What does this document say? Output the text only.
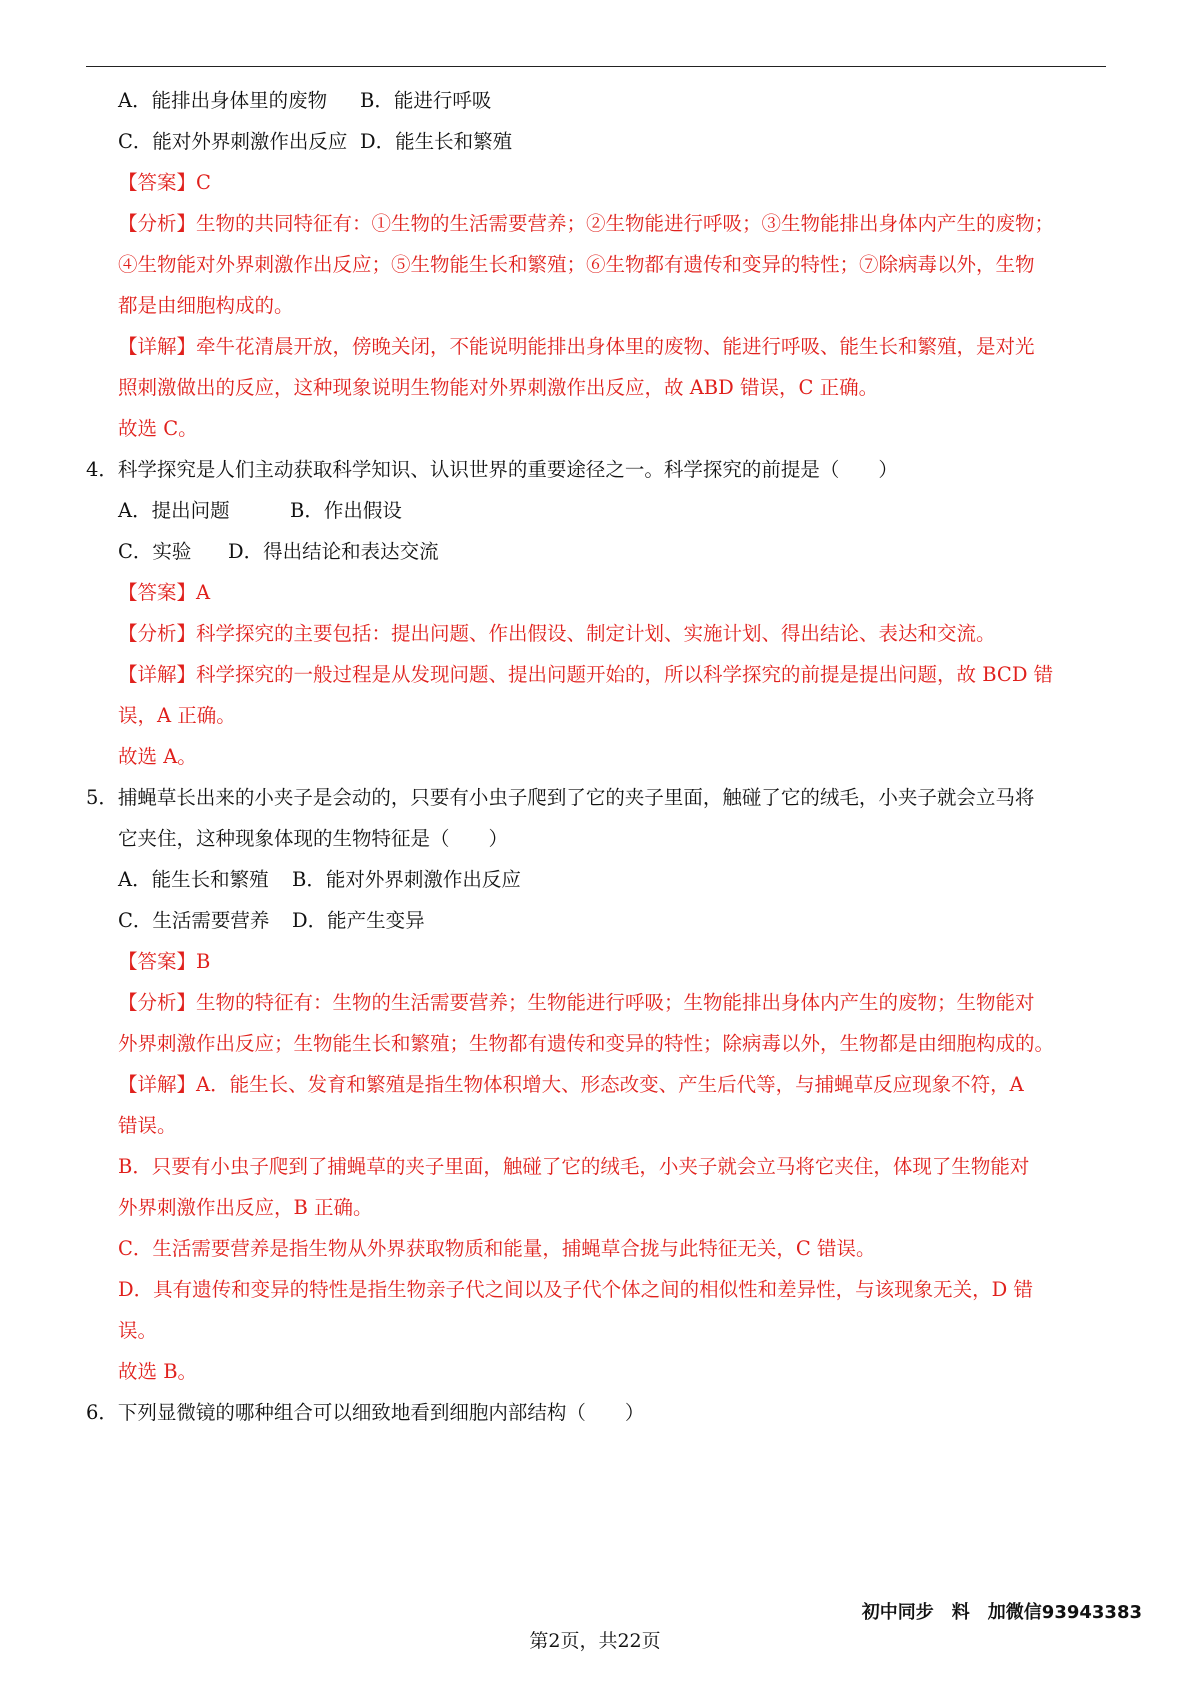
A．能排出身体里的废物 B．能进行呼吸
C．能对外界刺激作出反应 D．能生长和繁殖
【答案】C
【分析】生物的共同特征有：①生物的生活需要营养；②生物能进行呼吸；③生物能排出身体内产生的废物；
④生物能对外界刺激作出反应；⑤生物能生长和繁殖；⑥生物都有遗传和变异的特性；⑦除病毒以外，生物
都是由细胞构成的。
【详解】牵牛花清晨开放，傍晚关闭，不能说明能排出身体里的废物、能进行呼吸、能生长和繁殖，是对光
照刺激做出的反应，这种现象说明生物能对外界刺激作出反应，故 ABD 错误，C 正确。
故选 C。
4．科学探究是人们主动获取科学知识、认识世界的重要途径之一。科学探究的前提是（　　）
A．提出问题	B．作出假设
C．实验 D．得出结论和表达交流
【答案】A
【分析】科学探究的主要包括：提出问题、作出假设、制定计划、实施计划、得出结论、表达和交流。
【详解】科学探究的一般过程是从发现问题、提出问题开始的，所以科学探究的前提是提出问题，故 BCD 错
误，A 正确。
故选 A。
5．捕蝇草长出来的小夹子是会动的，只要有小虫子爬到了它的夹子里面，触碰了它的绒毛，小夹子就会立马将
它夹住，这种现象体现的生物特征是（　　）
A．能生长和繁殖 B．能对外界刺激作出反应
C．生活需要营养 D．能产生变异
【答案】B
【分析】生物的特征有：生物的生活需要营养；生物能进行呼吸；生物能排出身体内产生的废物；生物能对
外界刺激作出反应；生物能生长和繁殖；生物都有遗传和变异的特性；除病毒以外，生物都是由细胞构成的。
【详解】A．能生长、发育和繁殖是指生物体积增大、形态改变、产生后代等，与捕蝇草反应现象不符，A
错误。
B．只要有小虫子爬到了捕蝇草的夹子里面，触碰了它的绒毛，小夹子就会立马将它夹住，体现了生物能对
外界刺激作出反应，B 正确。
C．生活需要营养是指生物从外界获取物质和能量，捕蝇草合拢与此特征无关，C 错误。
D．具有遗传和变异的特性是指生物亲子代之间以及子代个体之间的相似性和差异性，与该现象无关，D 错
误。
故选 B。
6．下列显微镜的哪种组合可以细致地看到细胞内部结构（　　）
初中同步　料　加微信93943383
第2页，共22页
